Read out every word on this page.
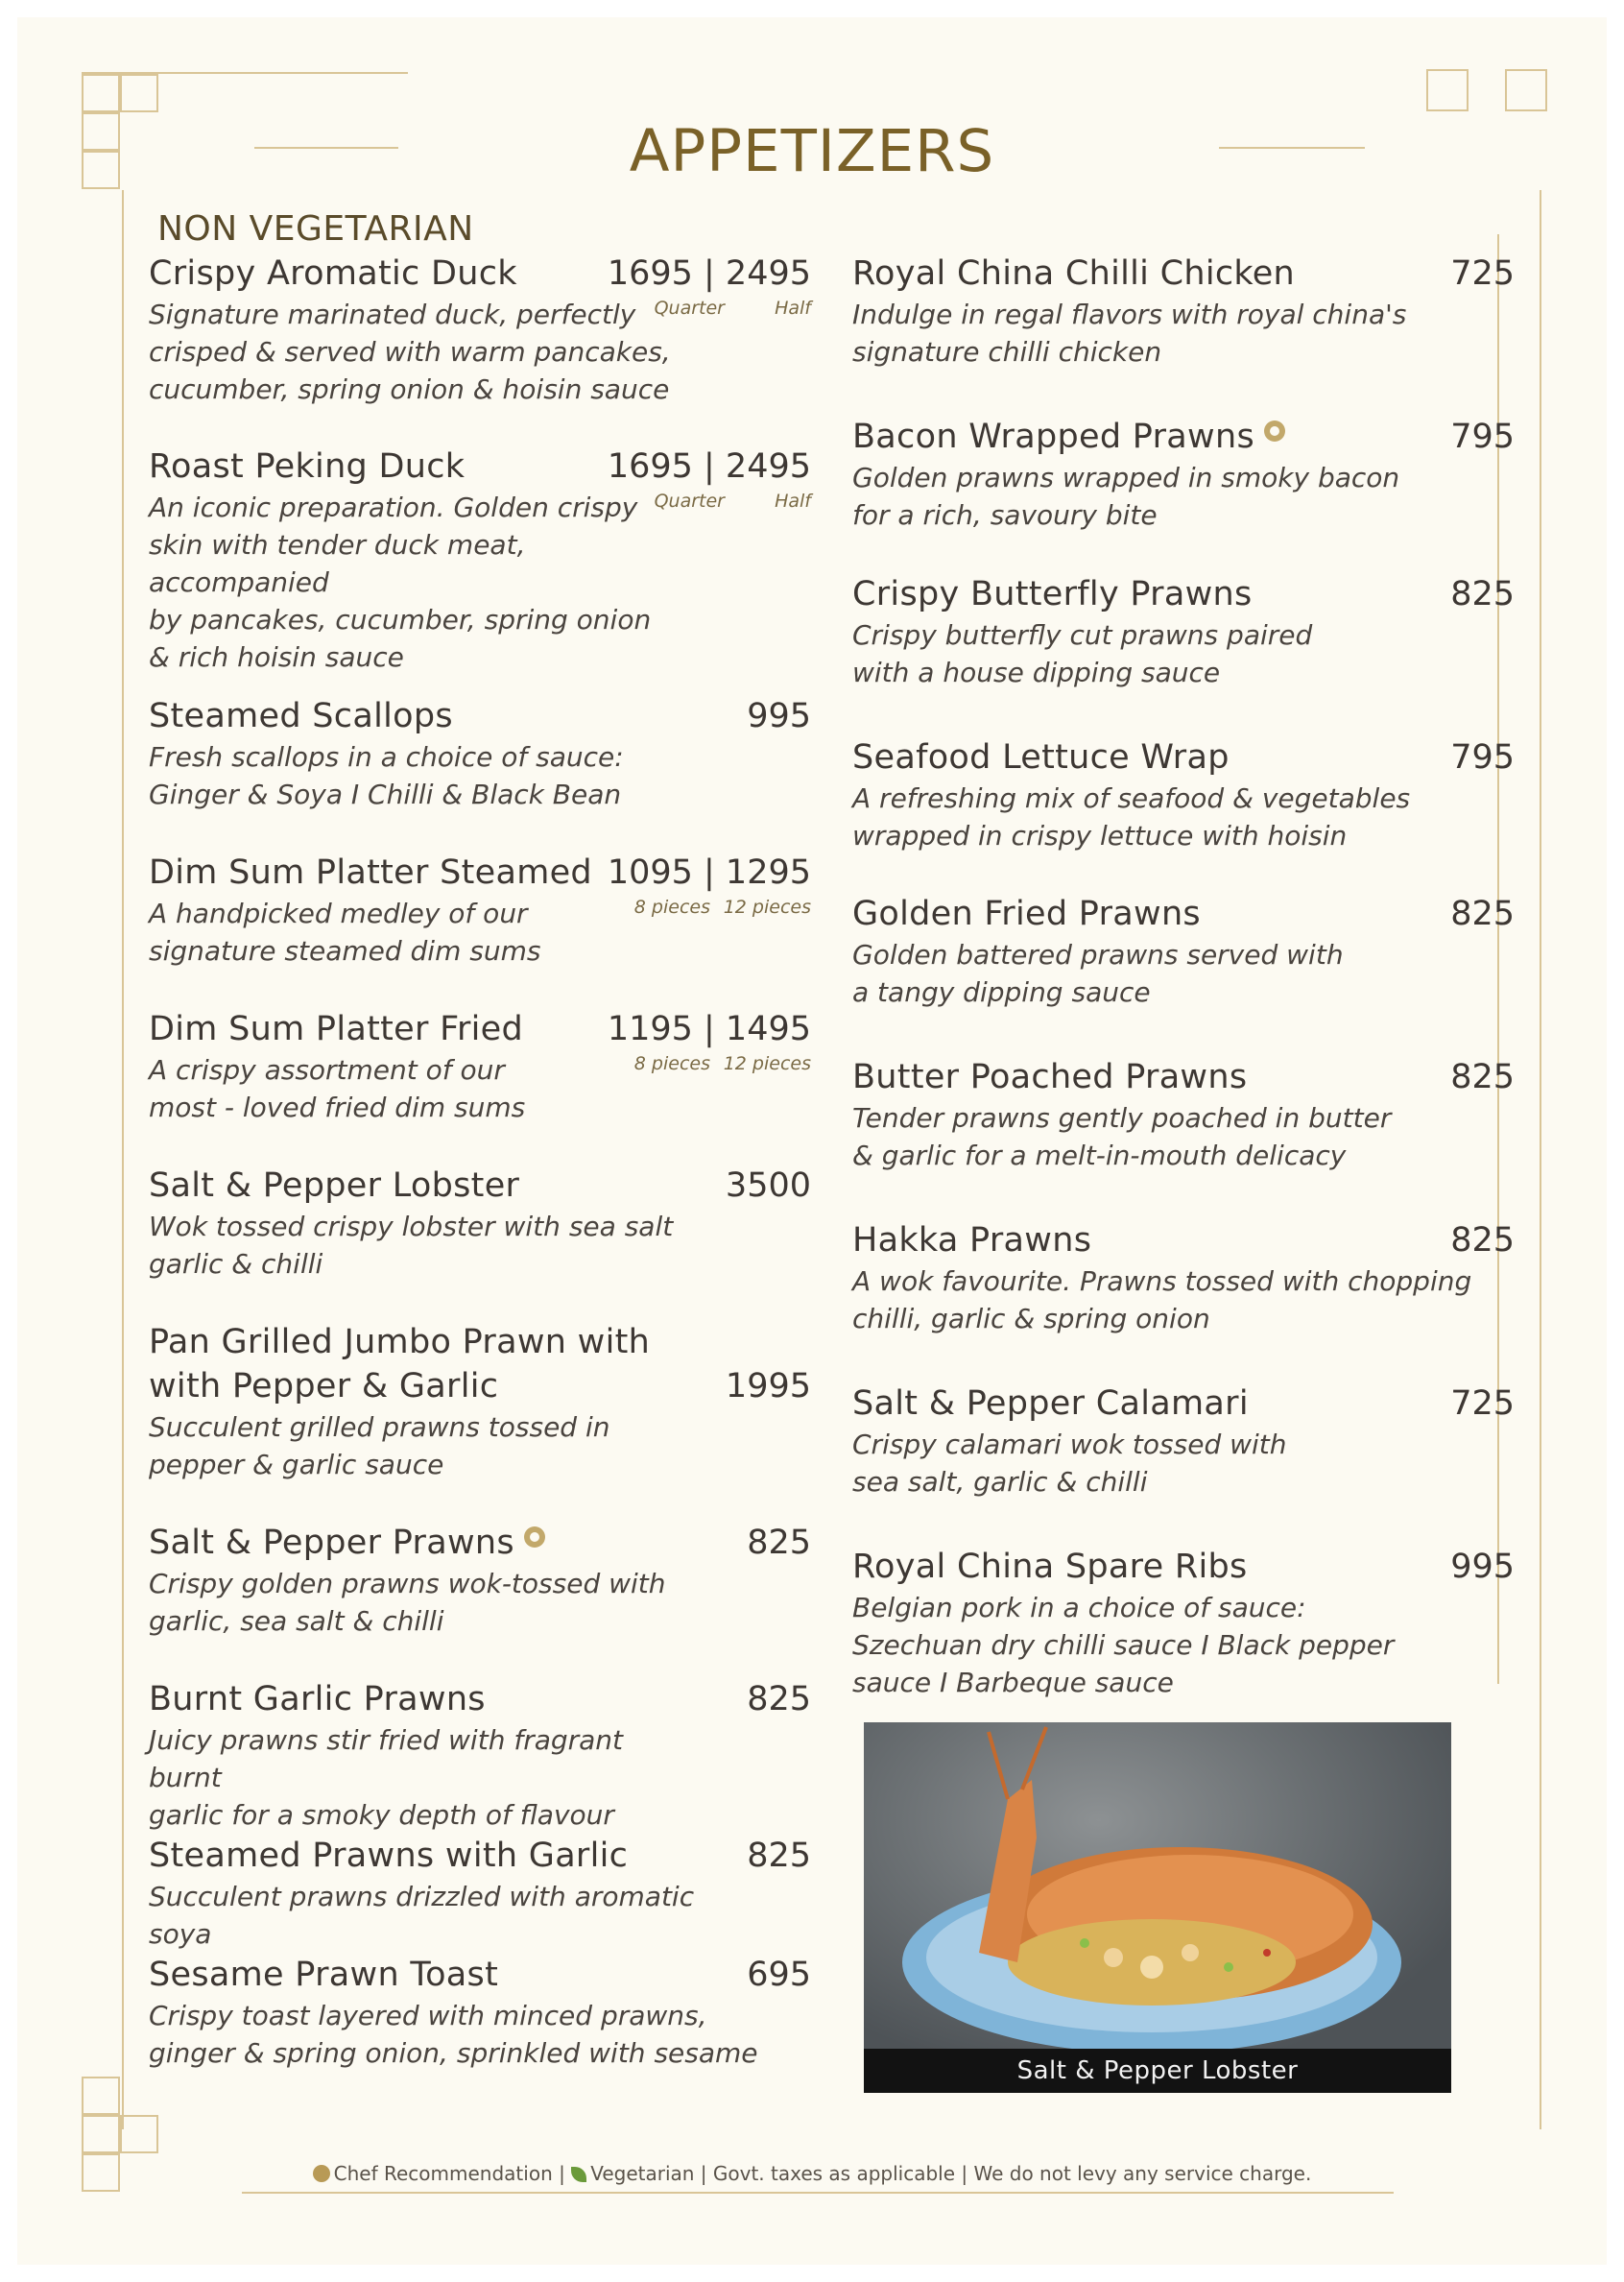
APPETIZERS
NON VEGETARIAN
Crispy Aromatic Duck	1695 | 2495
Quarter	Half
Signature marinated duck, perfectly
crisped & served with warm pancakes,
cucumber, spring onion & hoisin sauce
Roast Peking Duck	1695 | 2495
Quarter	Half
An iconic preparation. Golden crispy
skin with tender duck meat, accompanied
by pancakes, cucumber, spring onion
& rich hoisin sauce
Steamed Scallops	995
Fresh scallops in a choice of sauce:
Ginger & Soya I Chilli & Black Bean
Dim Sum Platter Steamed 1095 | 1295
8 pieces 12 pieces
A handpicked medley of our
signature steamed dim sums
Dim Sum Platter Fried	1195 | 1495
8 pieces 12 pieces
A crispy assortment of our
most - loved fried dim sums
Salt & Pepper Lobster	3500
Wok tossed crispy lobster with sea salt
garlic & chilli
Pan Grilled Jumbo Prawn with
with Pepper & Garlic	1995
Succulent grilled prawns tossed in
pepper & garlic sauce
Salt & Pepper Prawns	825
Crispy golden prawns wok-tossed with
garlic, sea salt & chilli
Burnt Garlic Prawns	825
Juicy prawns stir fried with fragrant burnt
garlic for a smoky depth of flavour
Steamed Prawns with Garlic	825
Succulent prawns drizzled with aromatic soya
Sesame Prawn Toast	695
Crispy toast layered with minced prawns,
ginger & spring onion, sprinkled with sesame
Royal China Chilli Chicken	725
Indulge in regal flavors with royal china's
signature chilli chicken
Bacon Wrapped Prawns	795
Golden prawns wrapped in smoky bacon
for a rich, savoury bite
Crispy Butterfly Prawns	825
Crispy butterfly cut prawns paired
with a house dipping sauce
Seafood Lettuce Wrap	795
A refreshing mix of seafood & vegetables
wrapped in crispy lettuce with hoisin
Golden Fried Prawns	825
Golden battered prawns served with
a tangy dipping sauce
Butter Poached Prawns	825
Tender prawns gently poached in butter
& garlic for a melt-in-mouth delicacy
Hakka Prawns	825
A wok favourite. Prawns tossed with chopping
chilli, garlic & spring onion
Salt & Pepper Calamari	725
Crispy calamari wok tossed with
sea salt, garlic & chilli
Royal China Spare Ribs	995
Belgian pork in a choice of sauce:
Szechuan dry chilli sauce I Black pepper
sauce I Barbeque sauce
Salt & Pepper Lobster
Chef Recommendation | Vegetarian | Govt. taxes as applicable | We do not levy any service charge.
